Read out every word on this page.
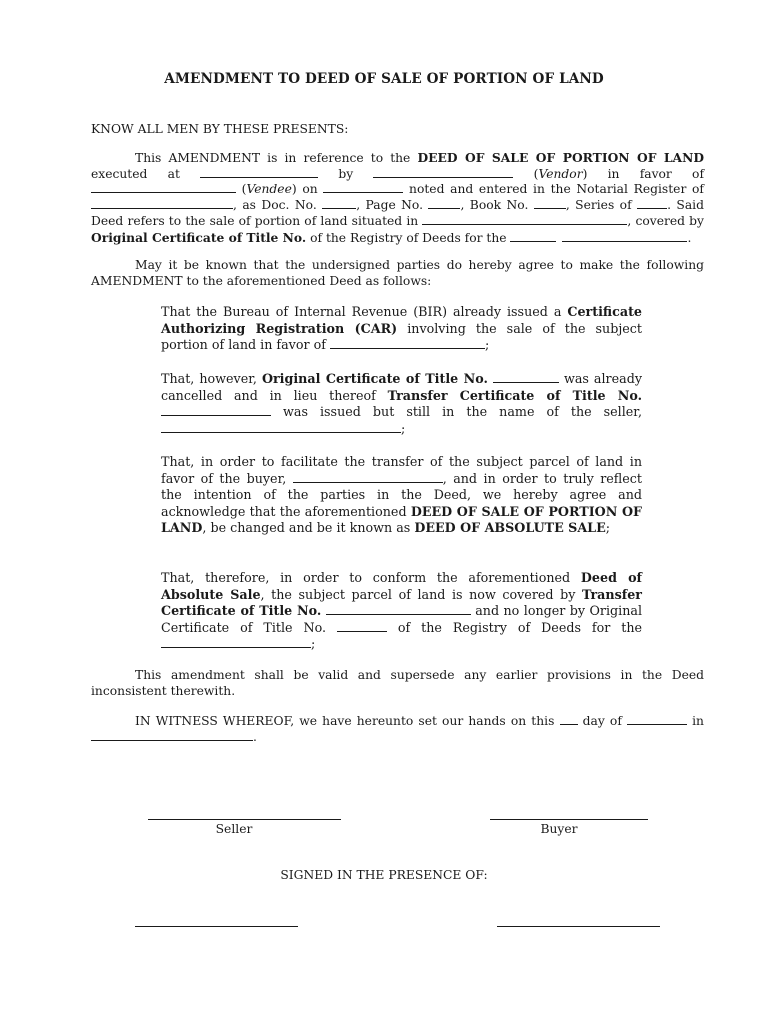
AMENDMENT TO DEED OF SALE OF PORTION OF LAND
KNOW ALL MEN BY THESE PRESENTS:
This AMENDMENT is in reference to the DEED OF SALE OF PORTION OF LAND executed at	by	(Vendor) in favor of  (Vendee) on	noted and entered in the Notarial Register of , as Doc. No.	, Page No.	, Book No.	, Series of . Said Deed refers to the sale of portion of land situated in	, covered by Original Certificate of Title No. of the Registry of Deeds for the	.
May it be known that the undersigned parties do hereby agree to make the following AMENDMENT to the aforementioned Deed as follows:
That the Bureau of Internal Revenue (BIR) already issued a Certificate Authorizing Registration (CAR) involving the sale of the subject portion of land in favor of	;
That, however, Original Certificate of Title No.	was already cancelled and in lieu thereof Transfer Certificate of Title No.  was issued but still in the name of the seller, ;
That, in order to facilitate the transfer of the subject parcel of land in favor of the buyer,	, and in order to truly reflect the intention of the parties in the Deed, we hereby agree and acknowledge that the aforementioned DEED OF SALE OF PORTION OF LAND, be changed and be it known as DEED OF ABSOLUTE SALE;
That, therefore, in order to conform the aforementioned Deed of Absolute Sale, the subject parcel of land is now covered by Transfer Certificate of Title No.	and no longer by Original Certificate of Title No.	of the Registry of Deeds for the ;
This amendment shall be valid and supersede any earlier provisions in the Deed inconsistent therewith.
IN WITNESS WHEREOF, we have hereunto set our hands on this  day of	in .
Seller	Buyer
SIGNED IN THE PRESENCE OF:
